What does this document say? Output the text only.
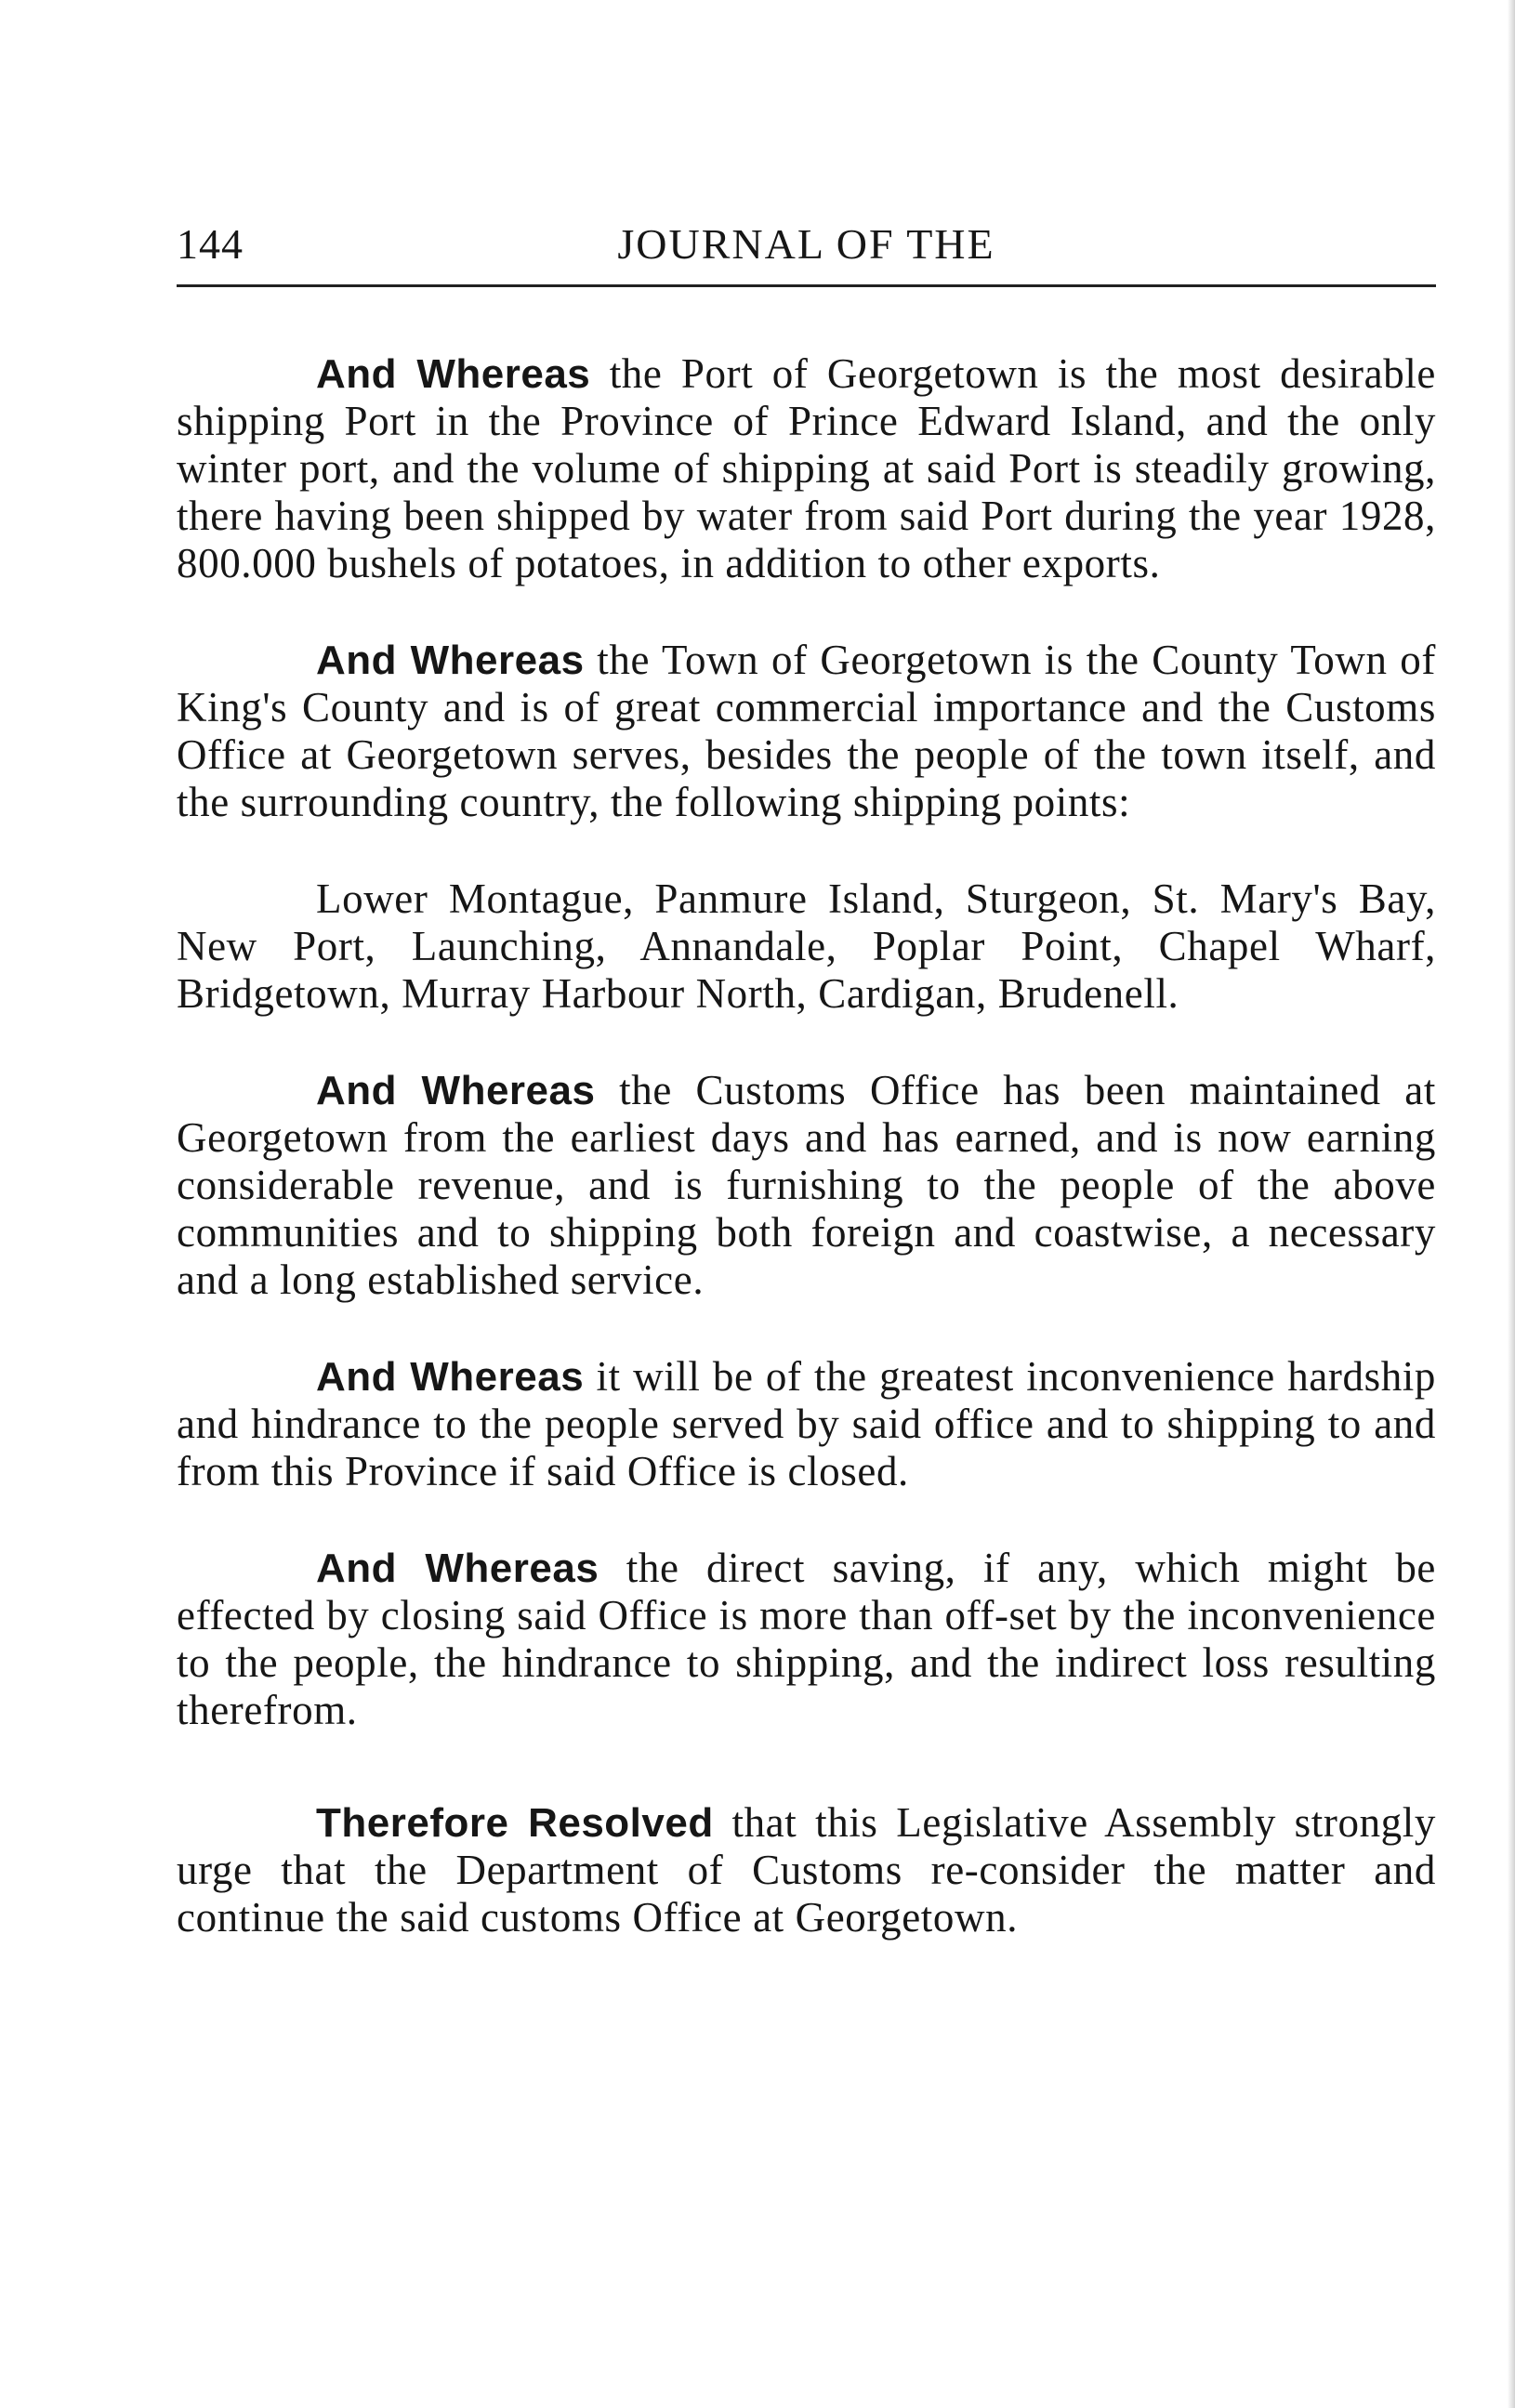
144	JOURNAL OF THE

And Whereas the Port of Georgetown is the most desirable shipping Port in the Province of Prince Edward Island, and the only winter port, and the volume of shipping at said Port is steadily growing, there having been shipped by water from said Port during the year 1928, 800.000 bushels of potatoes, in addition to other exports.

And Whereas the Town of Georgetown is the County Town of King's County and is of great commercial importance and the Customs Office at Georgetown serves, besides the people of the town itself, and the surrounding country, the following shipping points:

Lower Montague, Panmure Island, Sturgeon, St. Mary's Bay, New Port, Launching, Annandale, Poplar Point, Chapel Wharf, Bridgetown, Murray Harbour North, Cardigan, Brudenell.

And Whereas the Customs Office has been maintained at Georgetown from the earliest days and has earned, and is now earning considerable revenue, and is furnishing to the people of the above communities and to shipping both foreign and coastwise, a necessary and a long established service.

And Whereas it will be of the greatest inconvenience hardship and hindrance to the people served by said office and to shipping to and from this Province if said Office is closed.

And Whereas the direct saving, if any, which might be effected by closing said Office is more than off-set by the inconvenience to the people, the hindrance to shipping, and the indirect loss resulting therefrom.

Therefore Resolved that this Legislative Assembly strongly urge that the Department of Customs re-consider the matter and continue the said customs Office at Georgetown.
